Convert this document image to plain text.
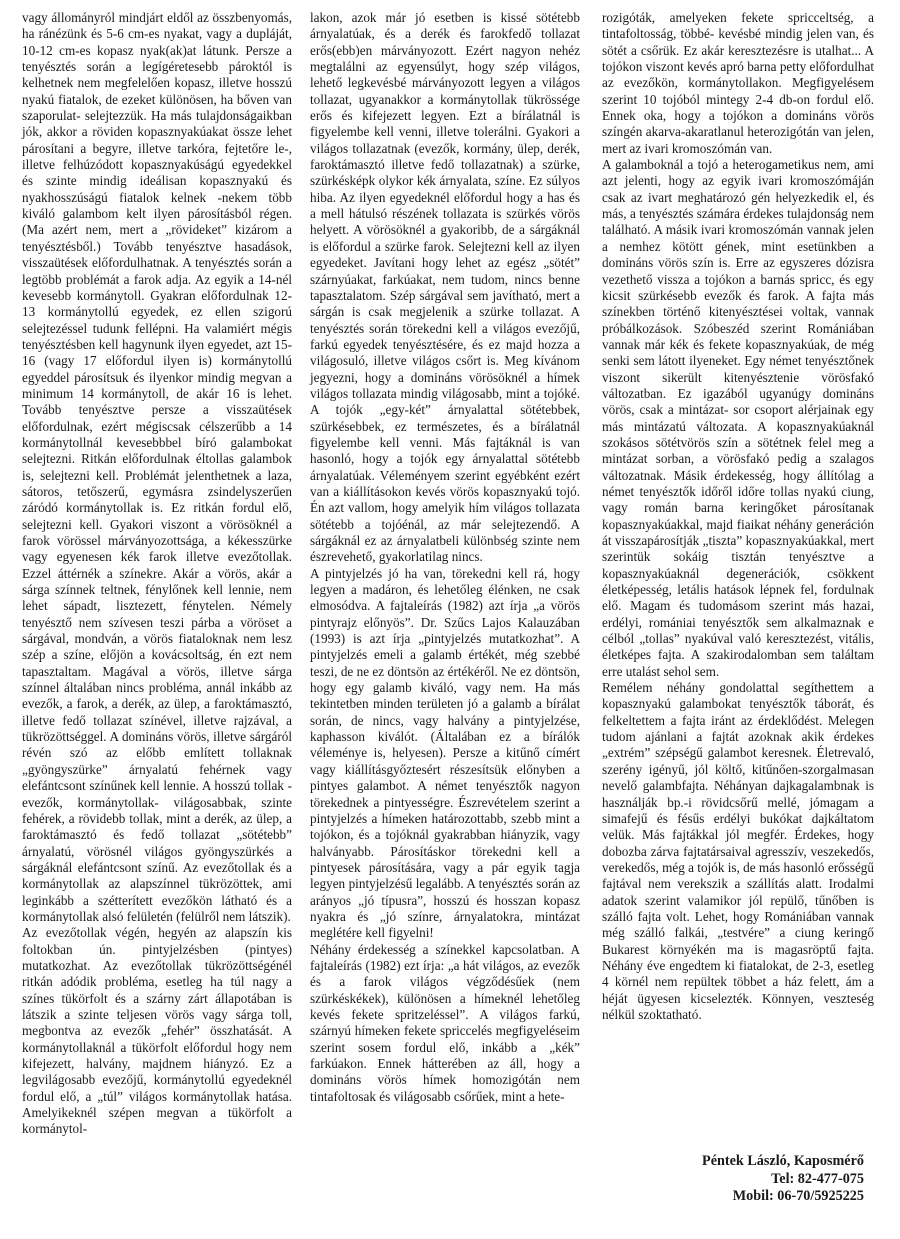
vagy állományról mindjárt eldől az összbenyomás, ha ránézünk és 5-6 cm-es nyakat, vagy a dupláját, 10-12 cm-es kopasz nyak(ak)at látunk. Persze a tenyésztés során a legígéretesebb pároktól is kelhetnek nem megfelelően kopasz, illetve hosszú nyakú fiatalok, de ezeket különösen, ha bőven van szaporulat- selejtezzük. Ha más tulajdonságaikban jók, akkor a röviden kopasznyakúakat össze lehet párosítani a begyre, illetve tarkóra, fejtetőre le-, illetve felhúzódott kopasznyakúságú egyedekkel és szinte mindig ideálisan kopasznyakú és nyakhosszúságú fiatalok kelnek -nekem több kiváló galambom kelt ilyen párosításból régen. (Ma azért nem, mert a „rövideket” kizárom a tenyésztésből.) Tovább tenyésztve hasadások, visszaütések előfordulhatnak. A tenyésztés során a legtöbb problémát a farok adja. Az egyik a 14-nél kevesebb kormánytoll. Gyakran előfordulnak 12-13 kormánytollú egyedek, ez ellen szigorú selejtezéssel tudunk fellépni. Ha valamiért mégis tenyésztésben kell hagynunk ilyen egyedet, azt 15- 16 (vagy 17 előfordul ilyen is) kormánytollú egyeddel párosítsuk és ilyenkor mindig megvan a minimum 14 kormánytoll, de akár 16 is lehet. Tovább tenyésztve persze a visszaütések előfordulnak, ezért mégiscsak célszerűbb a 14 kormánytollnál kevesebbbel bíró galambokat selejtezni. Ritkán előfordulnak éltollas galambok is, selejtezni kell. Problémát jelenthetnek a laza, sátoros, tetőszerű, egymásra zsindelyszerűen záródó kormánytollak is. Ez ritkán fordul elő, selejtezni kell. Gyakori viszont a vörösöknél a farok vörössel márványozottsága, a kékesszürke vagy egyenesen kék farok illetve evezőtollak. Ezzel áttérnék a színekre. Akár a vörös, akár a sárga színnek teltnek, fénylőnek kell lennie, nem lehet sápadt, lisztezett, fénytelen. Némely tenyésztő nem szívesen teszi párba a vöröset a sárgával, mondván, a vörös fiataloknak nem lesz szép a színe, előjön a kovácsoltság, én ezt nem tapasztaltam. Magával a vörös, illetve sárga színnel általában nincs probléma, annál inkább az evezők, a farok, a derék, az ülep, a faroktámasztó, illetve fedő tollazat színével, illetve rajzával, a tükrözöttséggel. A domináns vörös, illetve sárgáról révén szó az előbb említett tollaknak „gyöngyszürke” árnyalatú fehérnek vagy elefántcsont színűnek kell lennie. A hosszú tollak - evezők, kormánytollak- világosabbak, szinte fehérek, a rövidebb tollak, mint a derék, az ülep, a faroktámasztó és fedő tollazat „sötétebb” árnyalatú, vörösnél világos gyöngyszürkés a sárgáknál elefántcsont színű. Az evezőtollak és a kormánytollak az alapszínnel tükrözöttek, ami leginkább a szétterített evezőkön látható és a kormánytollak alsó felületén (felülről nem látszik).

Az evezőtollak végén, hegyén az alapszín kis foltokban ún. pintyjelzésben (pintyes) mutatkozhat. Az evezőtollak tükrözöttségénél ritkán adódik probléma, esetleg ha túl nagy a színes tükörfolt és a szárny zárt állapotában is látszik a szinte teljesen vörös vagy sárga toll, megbontva az evezők „fehér” összhatását. A kormánytollaknál a tükörfolt előfordul hogy nem kifejezett, halvány, majdnem hiányzó. Ez a legvilágosabb evezőjű, kormánytollú egyedeknél fordul elő, a „túl” világos kormánytollak hatása. Amelyikeknél szépen megvan a tükörfolt a kormánytol-

lakon, azok már jó esetben is kissé sötétebb árnyalatúak, és a derék és farokfedő tollazat erős(ebb)en márványozott. Ezért nagyon nehéz megtalálni az egyensúlyt, hogy szép világos, lehető legkevésbé márványozott legyen a világos tollazat, ugyanakkor a kormánytollak tükrössége erős és kifejezett legyen. Ezt a bírálatnál is figyelembe kell venni, illetve tolerálni. Gyakori a világos tollazatnak (evezők, kormány, ülep, derék, faroktámasztó illetve fedő tollazatnak) a szürke, szürkésképk olykor kék árnyalata, színe. Ez súlyos hiba. Az ilyen egyedeknél előfordul hogy a has és a mell hátulsó részének tollazata is szürkés vörös helyett. A vörösöknél a gyakoribb, de a sárgáknál is előfordul a szürke farok. Selejtezni kell az ilyen egyedeket. Javítani hogy lehet az egész „sötét” szárnyúakat, farkúakat, nem tudom, nincs benne tapasztalatom. Szép sárgával sem javítható, mert a sárgán is csak megjelenik a szürke tollazat. A tenyésztés során törekedni kell a világos evezőjű, farkú egyedek tenyésztésére, és ez majd hozza a világosuló, illetve világos csőrt is. Meg kívánom jegyezni, hogy a domináns vörösöknél a hímek világos tollazata mindig világosabb, mint a tojóké. A tojók „egy-két” árnyalattal sötétebbek, szürkésebbek, ez természetes, és a bírálatnál figyelembe kell venni. Más fajtáknál is van hasonló, hogy a tojók egy árnyalattal sötétebb árnyalatúak. Véleményem szerint egyébként ezért van a kiállításokon kevés vörös kopasznyakú tojó. Én azt vallom, hogy amelyik hím világos tollazata sötétebb a tojóénál, az már selejtezendő. A sárgáknál ez az árnyalatbeli különbség szinte nem észrevehető, gyakorlatilag nincs.

A pintyjelzés jó ha van, törekedni kell rá, hogy legyen a madáron, és lehetőleg élénken, ne csak elmosódva. A fajtaleírás (1982) azt írja „a vörös pintyrajz előnyös”. Dr. Szűcs Lajos Kalauzában (1993) is azt írja „pintyjelzés mutatkozhat”. A pintyjelzés emeli a galamb értékét, még szebbé teszi, de ne ez döntsön az értékéről. Ne ez döntsön, hogy egy galamb kiváló, vagy nem. Ha más tekintetben minden területen jó a galamb a bírálat során, de nincs, vagy halvány a pintyjelzése, kaphasson kiválót. (Általában ez a bírálók véleménye is, helyesen). Persze a kitűnő címért vagy kiállításgyőztesért részesítsük előnyben a pintyes galambot. A német tenyésztők nagyon törekednek a pintyességre. Észrevételem szerint a pintyjelzés a hímeken határozottabb, szebb mint a tojókon, és a tojóknál gyakrabban hiányzik, vagy halványabb. Párosításkor törekedni kell a pintyesek párosítására, vagy a pár egyik tagja legyen pintyjelzésű legalább. A tenyésztés során az arányos „jó típusra”, hosszú és hosszan kopasz nyakra és „jó színre, árnyalatokra, mintázat meglétére kell figyelni!

Néhány érdekesség a színekkel kapcsolatban. A fajtaleírás (1982) ezt írja: „a hát világos, az evezők és a farok világos végződésűek (nem szürkéskékek), különösen a hímeknél lehetőleg kevés fekete spritzeléssel”. A világos farkú, szárnyú hímeken fekete spriccelés megfigyeléseim szerint sosem fordul elő, inkább a „kék” farkúakon. Ennek hátterében az áll, hogy a domináns vörös hímek homozigótán nem tintafoltosak és világosabb csőrűek, mint a hete-

rozigóták, amelyeken fekete spricceltség, a tintafoltosság, többé- kevésbé mindig jelen van, és sötét a csőrük. Ez akár keresztezésre is utalhat... A tojókon viszont kevés apró barna petty előfordulhat az evezőkön, kormánytollakon. Megfigyelésem szerint 10 tojóból mintegy 2-4 db-on fordul elő. Ennek oka, hogy a tojókon a domináns vörös színgén akarva-akaratlanul heterozigótán van jelen, mert az ivari kromoszómán van.

A galamboknál a tojó a heterogametikus nem, ami azt jelenti, hogy az egyik ivari kromoszómáján csak az ivart meghatározó gén helyezkedik el, és más, a tenyésztés számára érdekes tulajdonság nem található. A másik ivari kromoszómán vannak jelen a nemhez kötött gének, mint esetünkben a domináns vörös szín is. Erre az egyszeres dózisra vezethető vissza a tojókon a barnás spricc, és egy kicsit szürkésebb evezők és farok. A fajta más színekben történő kitenyésztései voltak, vannak próbálkozások. Szóbeszéd szerint Romániában vannak már kék és fekete kopasznyakúak, de még senki sem látott ilyeneket. Egy német tenyésztőnek viszont sikerült kitenyésztenie vörösfakó változatban. Ez igazából ugyanúgy domináns vörös, csak a mintázat- sor csoport alérjainak egy más mintázatú változata. A kopasznyakúaknál szokásos sötétvörös szín a sötétnek felel meg a mintázat sorban, a vörösfakó pedig a szalagos változatnak. Másik érdekesség, hogy állítólag a német tenyésztők időről időre tollas nyakú ciung, vagy román barna keringőket párosítanak kopasznyakúakkal, majd fiaikat néhány generáción át visszapárosítják „tiszta” kopasznyakúakkal, mert szerintük sokáig tisztán tenyésztve a kopasznyakúaknál degenerációk, csökkent életképesség, letális hatások lépnek fel, fordulnak elő. Magam és tudomásom szerint más hazai, erdélyi, romániai tenyésztők sem alkalmaznak e célból „tollas” nyakúval való keresztezést, vitális, életképes fajta. A szakirodalomban sem találtam erre utalást sehol sem.

Remélem néhány gondolattal segíthettem a kopasznyakú galambokat tenyésztők táborát, és felkeltettem a fajta iránt az érdeklődést. Melegen tudom ajánlani a fajtát azoknak akik érdekes „extrém” szépségű galambot keresnek. Életrevaló, szerény igényű, jól költő, kitűnően-szorgalmasan nevelő galambfajta. Néhányan dajkagalambnak is használják bp.-i rövidcsőrű mellé, jómagam a simafejű és fésűs erdélyi bukókat dajkáltatom velük. Más fajtákkal jól megfér. Érdekes, hogy dobozba zárva fajtatársaival agresszív, veszekedős, verekedős, még a tojók is, de más hasonló erősségű fajtával nem verekszik a szállítás alatt. Irodalmi adatok szerint valamikor jól repülő, tűnőben is szálló fajta volt. Lehet, hogy Romániában vannak még szálló falkái, „testvére” a ciung keringő Bukarest környékén ma is magasröptű fajta. Néhány éve engedtem ki fiatalokat, de 2-3, esetleg 4 körnél nem repültek többet a ház felett, ám a héját ügyesen kicselezték. Könnyen, veszteség nélkül szoktatható.

Péntek László, Kaposmérő
Tel: 82-477-075
Mobil: 06-70/5925225
